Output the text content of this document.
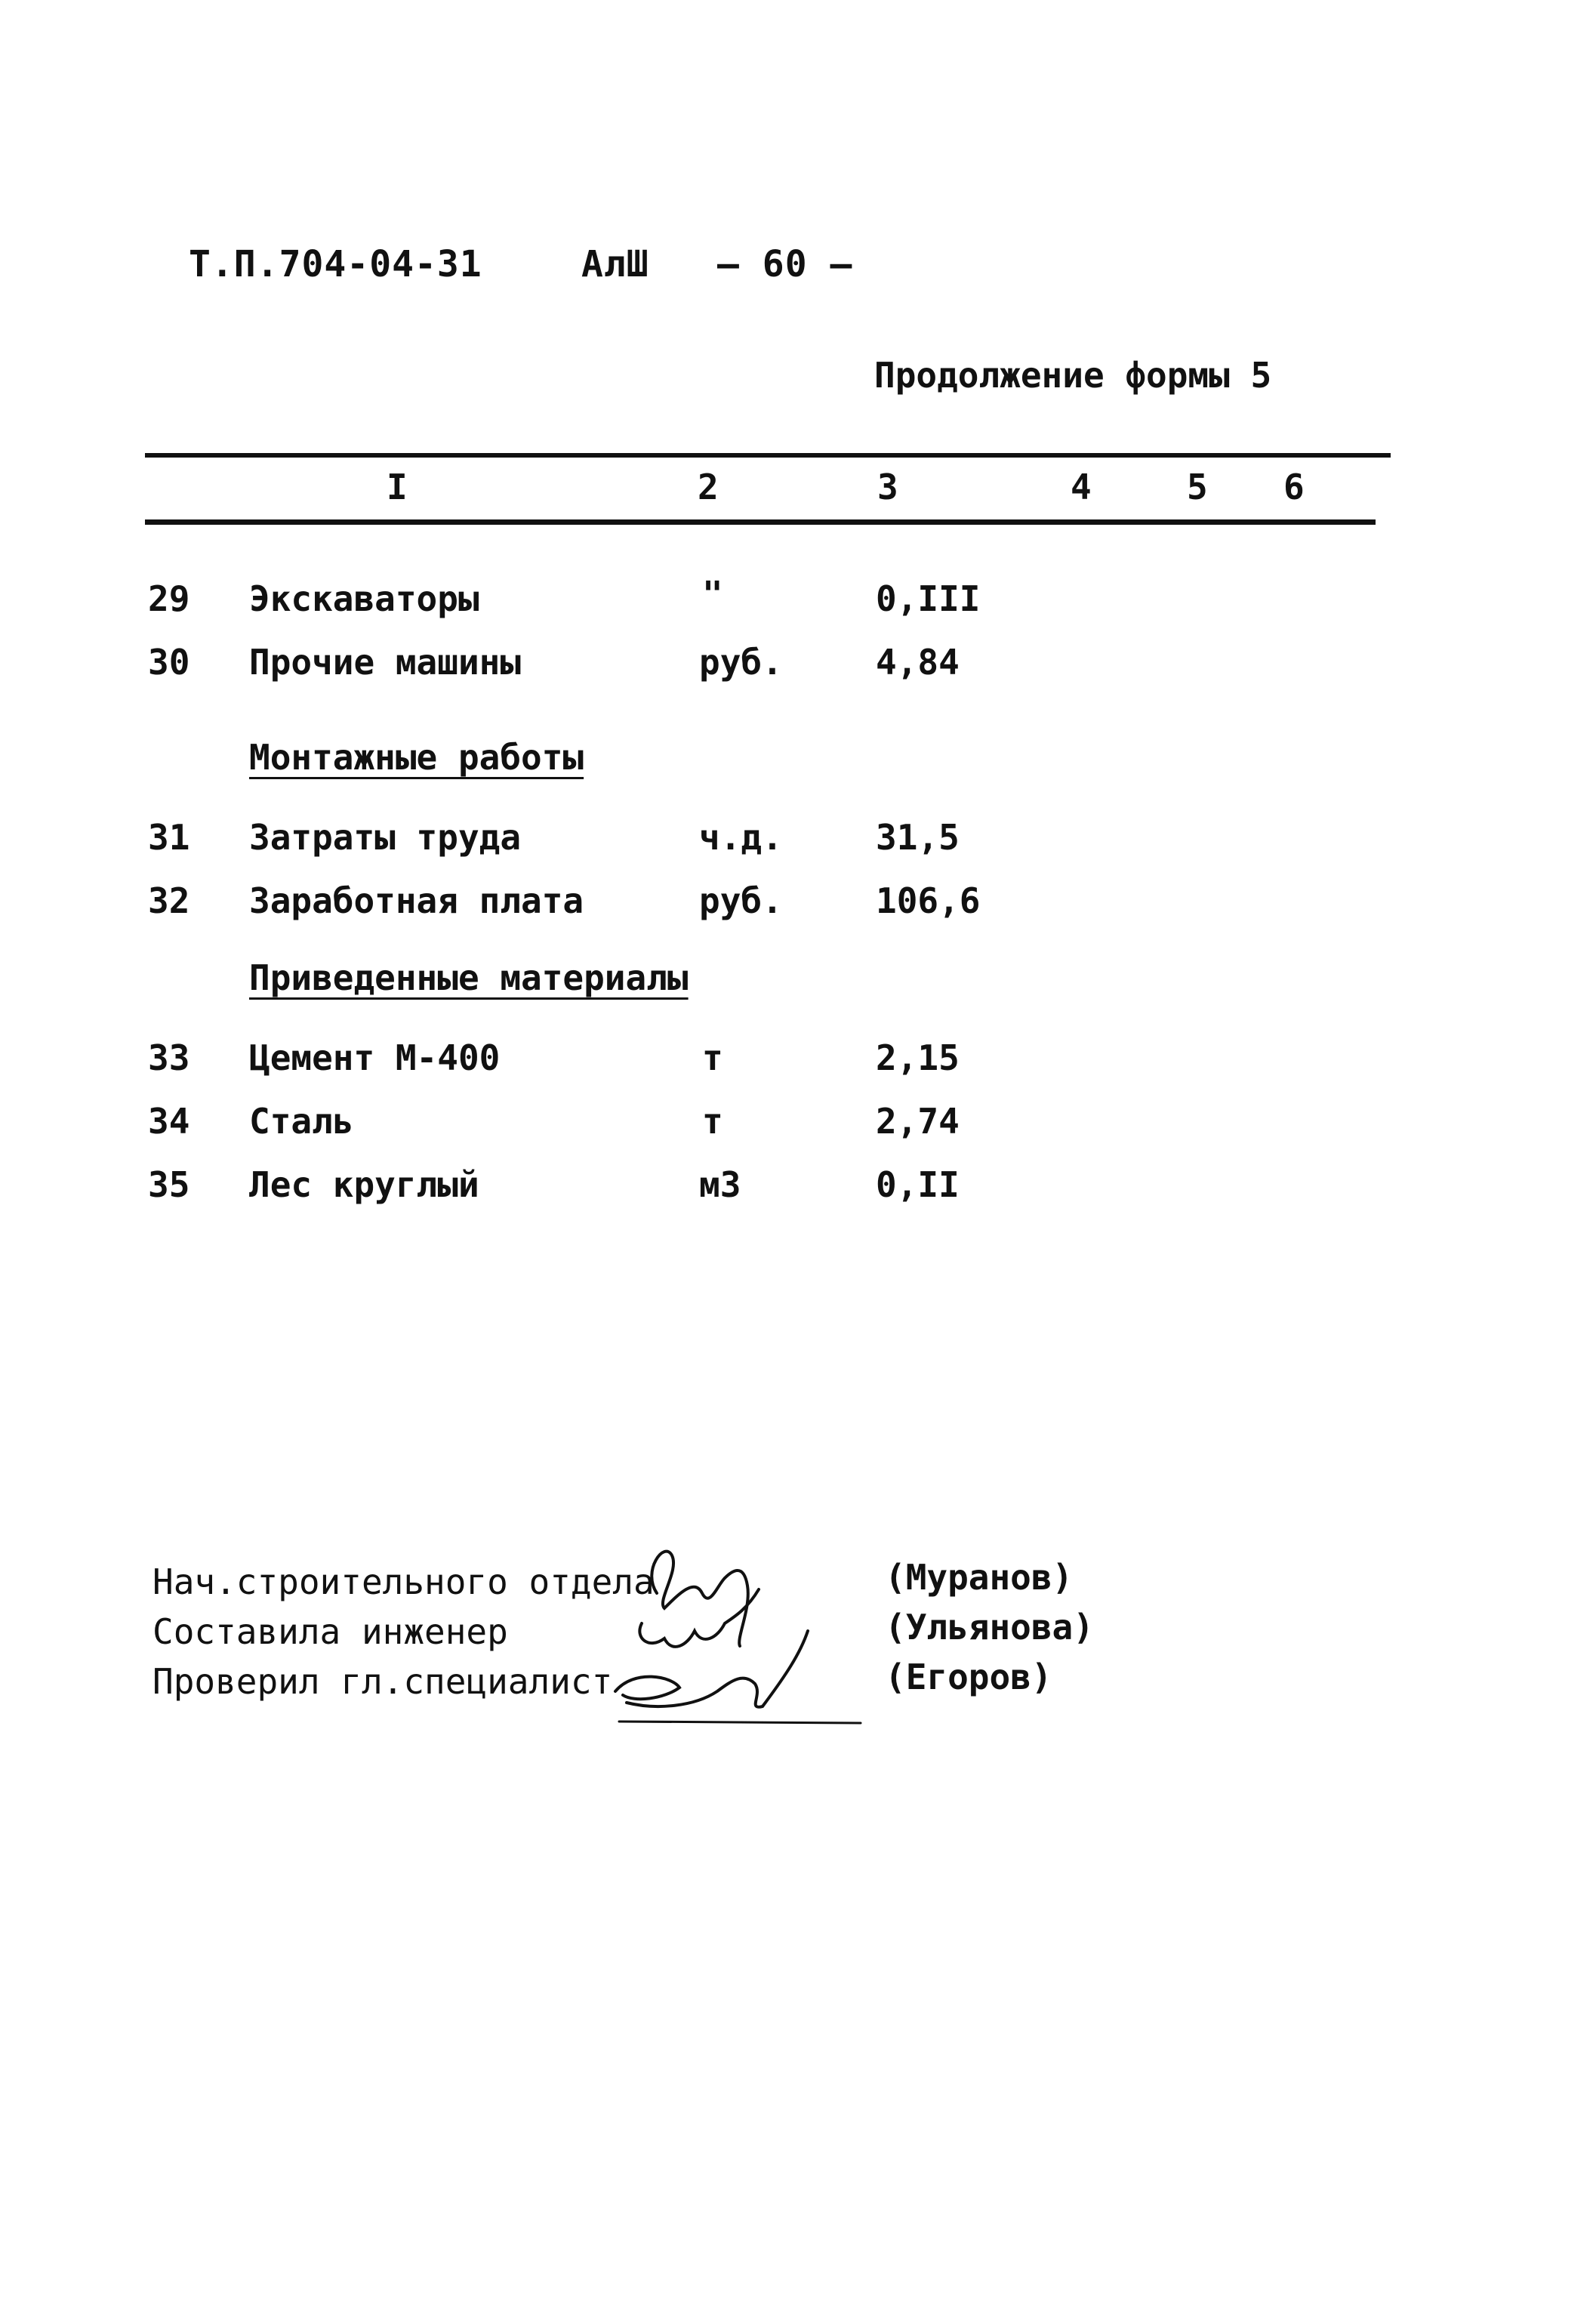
Т.П.704-04-31	АлШ — 60 —
Продолжение формы 5
I	2	3	4	5 6
29 Экскаваторы	"	0,III
30 Прочие машины	руб.	4,84
Монтажные работы
31 Затраты труда	ч.д.	31,5
32 Заработная плата	руб.	106,6
Приведенные материалы
33 Цемент М-400	т	2,15
34 Сталь	т	2,74
35 Лес круглый	м3	0,II
Нач.строительного отдела
Составила инженер
Проверил гл.специалист
(Муранов)
(Ульянова)
(Егоров)
